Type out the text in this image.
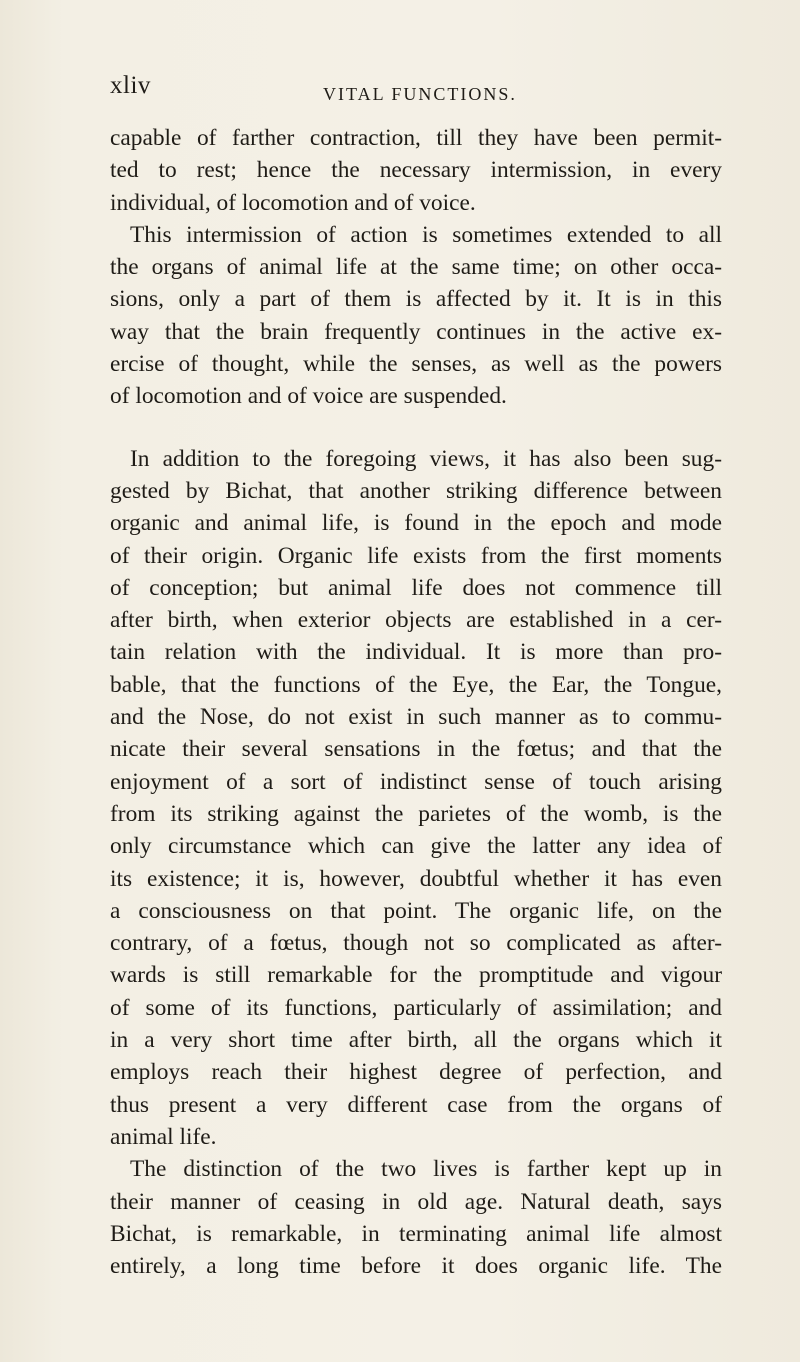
xliv	VITAL FUNCTIONS.
capable of farther contraction, till they have been permit-
ted to rest; hence the necessary intermission, in every
individual, of locomotion and of voice.
This intermission of action is sometimes extended to all
the organs of animal life at the same time; on other occa-
sions, only a part of them is affected by it. It is in this
way that the brain frequently continues in the active ex-
ercise of thought, while the senses, as well as the powers
of locomotion and of voice are suspended.
In addition to the foregoing views, it has also been sug-
gested by Bichat, that another striking difference between
organic and animal life, is found in the epoch and mode
of their origin. Organic life exists from the first moments
of conception; but animal life does not commence till
after birth, when exterior objects are established in a cer-
tain relation with the individual. It is more than pro-
bable, that the functions of the Eye, the Ear, the Tongue,
and the Nose, do not exist in such manner as to commu-
nicate their several sensations in the fœtus; and that the
enjoyment of a sort of indistinct sense of touch arising
from its striking against the parietes of the womb, is the
only circumstance which can give the latter any idea of
its existence; it is, however, doubtful whether it has even
a consciousness on that point. The organic life, on the
contrary, of a fœtus, though not so complicated as after-
wards is still remarkable for the promptitude and vigour
of some of its functions, particularly of assimilation; and
in a very short time after birth, all the organs which it
employs reach their highest degree of perfection, and
thus present a very different case from the organs of
animal life.
The distinction of the two lives is farther kept up in
their manner of ceasing in old age. Natural death, says
Bichat, is remarkable, in terminating animal life almost
entirely, a long time before it does organic life. The
